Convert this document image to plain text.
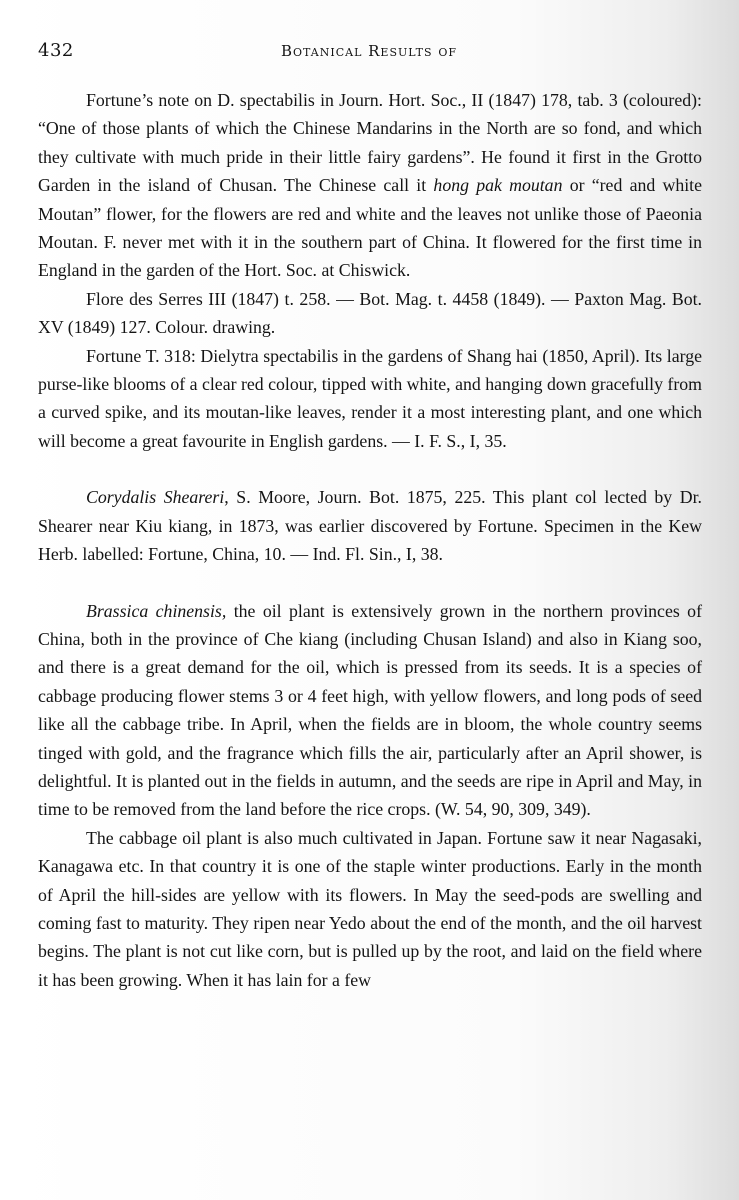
432	Botanical Results of

Fortune’s note on D. spectabilis in Journ. Hort. Soc., II (1847) 178, tab. 3 (coloured): “One of those plants of which the Chinese Mandarins in the North are so fond, and which they cultivate with much pride in their little fairy gardens”. He found it first in the Grotto Garden in the island of Chusan. The Chinese call it hong pak moutan or “red and white Moutan” flower, for the flowers are red and white and the leaves not unlike those of Paeonia Moutan. F. never met with it in the southern part of China. It flowered for the first time in England in the garden of the Hort. Soc. at Chiswick.

Flore des Serres III (1847) t. 258. — Bot. Mag. t. 4458 (1849). — Paxton Mag. Bot. XV (1849) 127. Colour. drawing.

Fortune T. 318: Dielytra spectabilis in the gardens of Shang hai (1850, April). Its large purse-like blooms of a clear red colour, tipped with white, and hanging down gracefully from a curved spike, and its moutan-like leaves, render it a most interesting plant, and one which will become a great favourite in English gardens. — I. F. S., I, 35.

Corydalis Sheareri, S. Moore, Journ. Bot. 1875, 225. This plant col lected by Dr. Shearer near Kiu kiang, in 1873, was earlier discovered by Fortune. Specimen in the Kew Herb. labelled: Fortune, China, 10. — Ind. Fl. Sin., I, 38.

Brassica chinensis, the oil plant is extensively grown in the northern provinces of China, both in the province of Che kiang (including Chusan Island) and also in Kiang soo, and there is a great demand for the oil, which is pressed from its seeds. It is a species of cabbage producing flower stems 3 or 4 feet high, with yellow flowers, and long pods of seed like all the cabbage tribe. In April, when the fields are in bloom, the whole country seems tinged with gold, and the fragrance which fills the air, particularly after an April shower, is delightful. It is planted out in the fields in autumn, and the seeds are ripe in April and May, in time to be removed from the land before the rice crops. (W. 54, 90, 309, 349).

The cabbage oil plant is also much cultivated in Japan. Fortune saw it near Nagasaki, Kanagawa etc. In that country it is one of the staple winter productions. Early in the month of April the hill-sides are yellow with its flowers. In May the seed-pods are swelling and coming fast to maturity. They ripen near Yedo about the end of the month, and the oil harvest begins. The plant is not cut like corn, but is pulled up by the root, and laid on the field where it has been growing. When it has lain for a few
